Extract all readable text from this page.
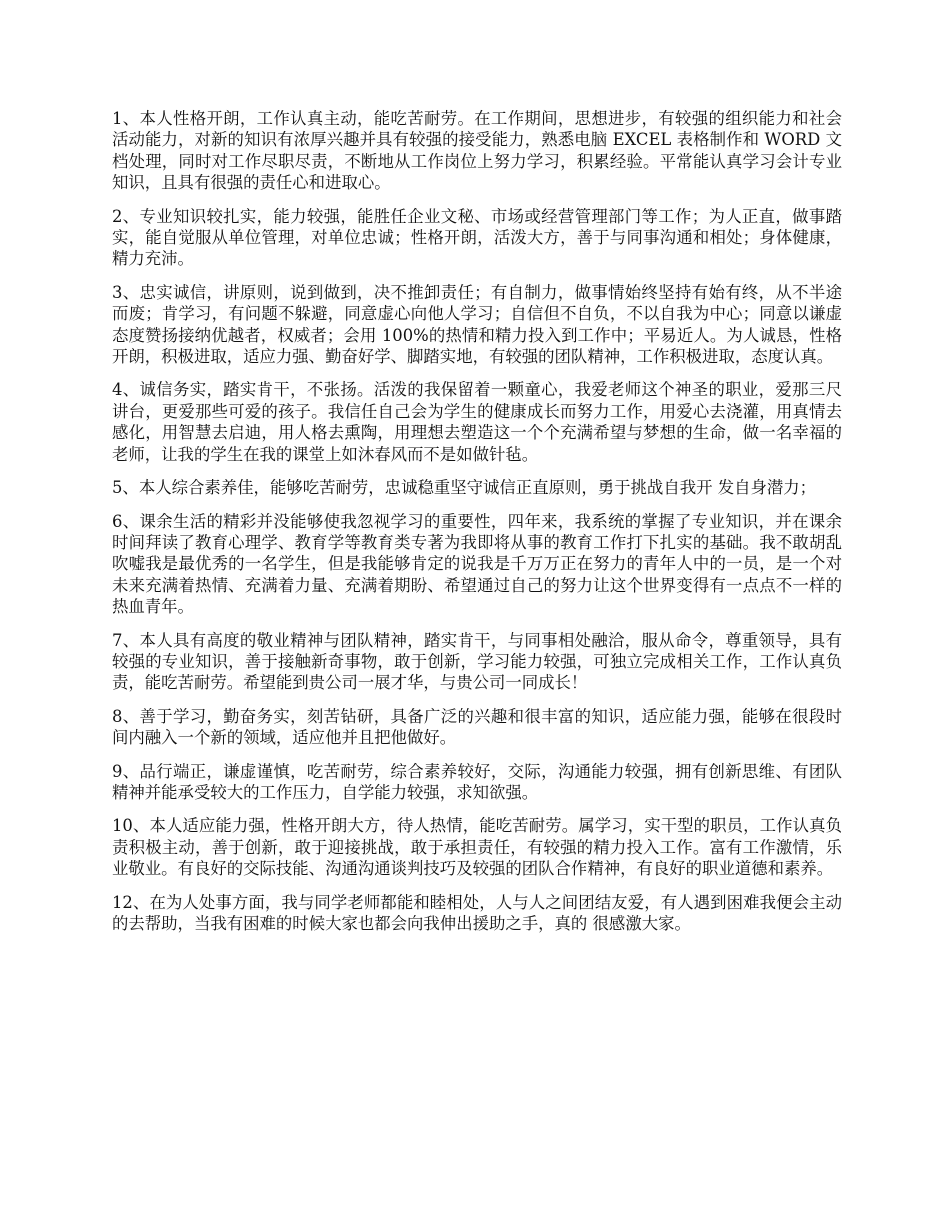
1、本人性格开朗，工作认真主动，能吃苦耐劳。在工作期间，思想进步，有较强的组织能力和社会活动能力，对新的知识有浓厚兴趣并具有较强的接受能力，熟悉电脑 EXCEL 表格制作和 WORD 文档处理，同时对工作尽职尽责，不断地从工作岗位上努力学习，积累经验。平常能认真学习会计专业知识，且具有很强的责任心和进取心。

2、专业知识较扎实，能力较强，能胜任企业文秘、市场或经营管理部门等工作；为人正直，做事踏实，能自觉服从单位管理，对单位忠诚；性格开朗，活泼大方，善于与同事沟通和相处；身体健康，精力充沛。

3、忠实诚信，讲原则，说到做到，决不推卸责任；有自制力，做事情始终坚持有始有终，从不半途而废；肯学习，有问题不躲避，同意虚心向他人学习；自信但不自负，不以自我为中心；同意以谦虚态度赞扬接纳优越者，权威者；会用 100%的热情和精力投入到工作中；平易近人。为人诚恳，性格开朗，积极进取，适应力强、勤奋好学、脚踏实地，有较强的团队精神，工作积极进取，态度认真。

4、诚信务实，踏实肯干，不张扬。活泼的我保留着一颗童心，我爱老师这个神圣的职业，爱那三尺讲台，更爱那些可爱的孩子。我信任自己会为学生的健康成长而努力工作，用爱心去浇灌，用真情去感化，用智慧去启迪，用人格去熏陶，用理想去塑造这一个个充满希望与梦想的生命，做一名幸福的老师，让我的学生在我的课堂上如沐春风而不是如做针毡。

5、本人综合素养佳，能够吃苦耐劳，忠诚稳重坚守诚信正直原则，勇于挑战自我开 发自身潜力；

6、课余生活的精彩并没能够使我忽视学习的重要性，四年来，我系统的掌握了专业知识，并在课余时间拜读了教育心理学、教育学等教育类专著为我即将从事的教育工作打下扎实的基础。我不敢胡乱吹嘘我是最优秀的一名学生，但是我能够肯定的说我是千万万正在努力的青年人中的一员，是一个对未来充满着热情、充满着力量、充满着期盼、希望通过自己的努力让这个世界变得有一点点不一样的热血青年。

7、本人具有高度的敬业精神与团队精神，踏实肯干，与同事相处融洽，服从命令，尊重领导，具有较强的专业知识，善于接触新奇事物，敢于创新，学习能力较强，可独立完成相关工作，工作认真负责，能吃苦耐劳。希望能到贵公司一展才华，与贵公司一同成长！

8、善于学习，勤奋务实，刻苦钻研，具备广泛的兴趣和很丰富的知识，适应能力强，能够在很段时间内融入一个新的领域，适应他并且把他做好。

9、品行端正，谦虚谨慎，吃苦耐劳，综合素养较好，交际，沟通能力较强，拥有创新思维、有团队精神并能承受较大的工作压力，自学能力较强，求知欲强。

10、本人适应能力强，性格开朗大方，待人热情，能吃苦耐劳。属学习，实干型的职员，工作认真负责积极主动，善于创新，敢于迎接挑战，敢于承担责任，有较强的精力投入工作。富有工作激情，乐业敬业。有良好的交际技能、沟通沟通谈判技巧及较强的团队合作精神，有良好的职业道德和素养。

12、在为人处事方面，我与同学老师都能和睦相处，人与人之间团结友爱，有人遇到困难我便会主动的去帮助，当我有困难的时候大家也都会向我伸出援助之手，真的 很感激大家。
